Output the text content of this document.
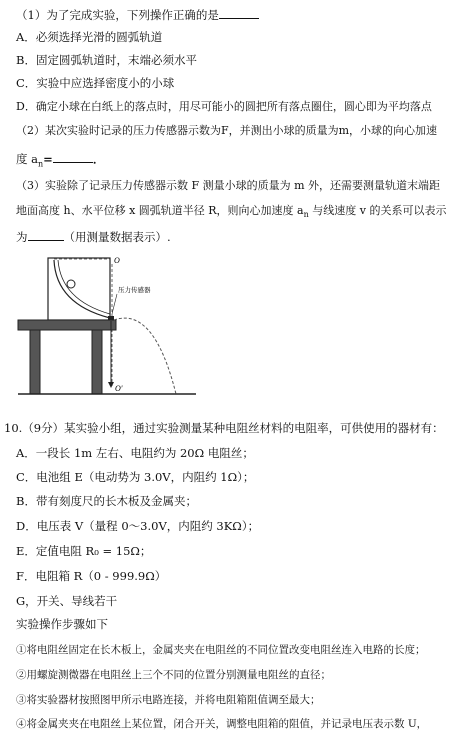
（1）为了完成实验，下列操作正确的是
A．必须选择光滑的圆弧轨道
B．固定圆弧轨道时，末端必须水平
C．实验中应选择密度小的小球
D．确定小球在白纸上的落点时，用尽可能小的圆把所有落点圈住，圆心即为平均落点
（2）某次实验时记录的压力传感器示数为F，并测出小球的质量为m，小球的向心加速
度 $a_n=$	．
（3）实验除了记录压力传感器示数 F 测量小球的质量为 m 外，还需要测量轨道末端距
地面高度 h、水平位移 x 圆弧轨道半径 R，则向心加速度 $a_n$ 与线速度 v 的关系可以表示
为	（用测量数据表示）.
O
压力传感器
O'
10.（9分）某实验小组，通过实验测量某种电阻丝材料的电阻率，可供使用的器材有：
A．一段长 1m 左右、电阻约为 20Ω 电阻丝；
C．电池组 E（电动势为 3.0V，内阻约 1Ω）；
B．带有刻度尺的长木板及金属夹；
D．电压表 V（量程 0～3.0V，内阻约 3KΩ）；
E．定值电阻 R₀ = 15Ω；
F．电阻箱 R（0 - 999.9Ω）
G，开关、导线若干
实验操作步骤如下
①将电阻丝固定在长木板上，金属夹夹在电阻丝的不同位置改变电阻丝连入电路的长度；
②用螺旋测微器在电阻丝上三个不同的位置分别测量电阻丝的直径；
③将实验器材按照图甲所示电路连接，并将电阻箱阻值调至最大；
④将金属夹夹在电阻丝上某位置，闭合开关，调整电阻箱的阻值，并记录电压表示数 U，
